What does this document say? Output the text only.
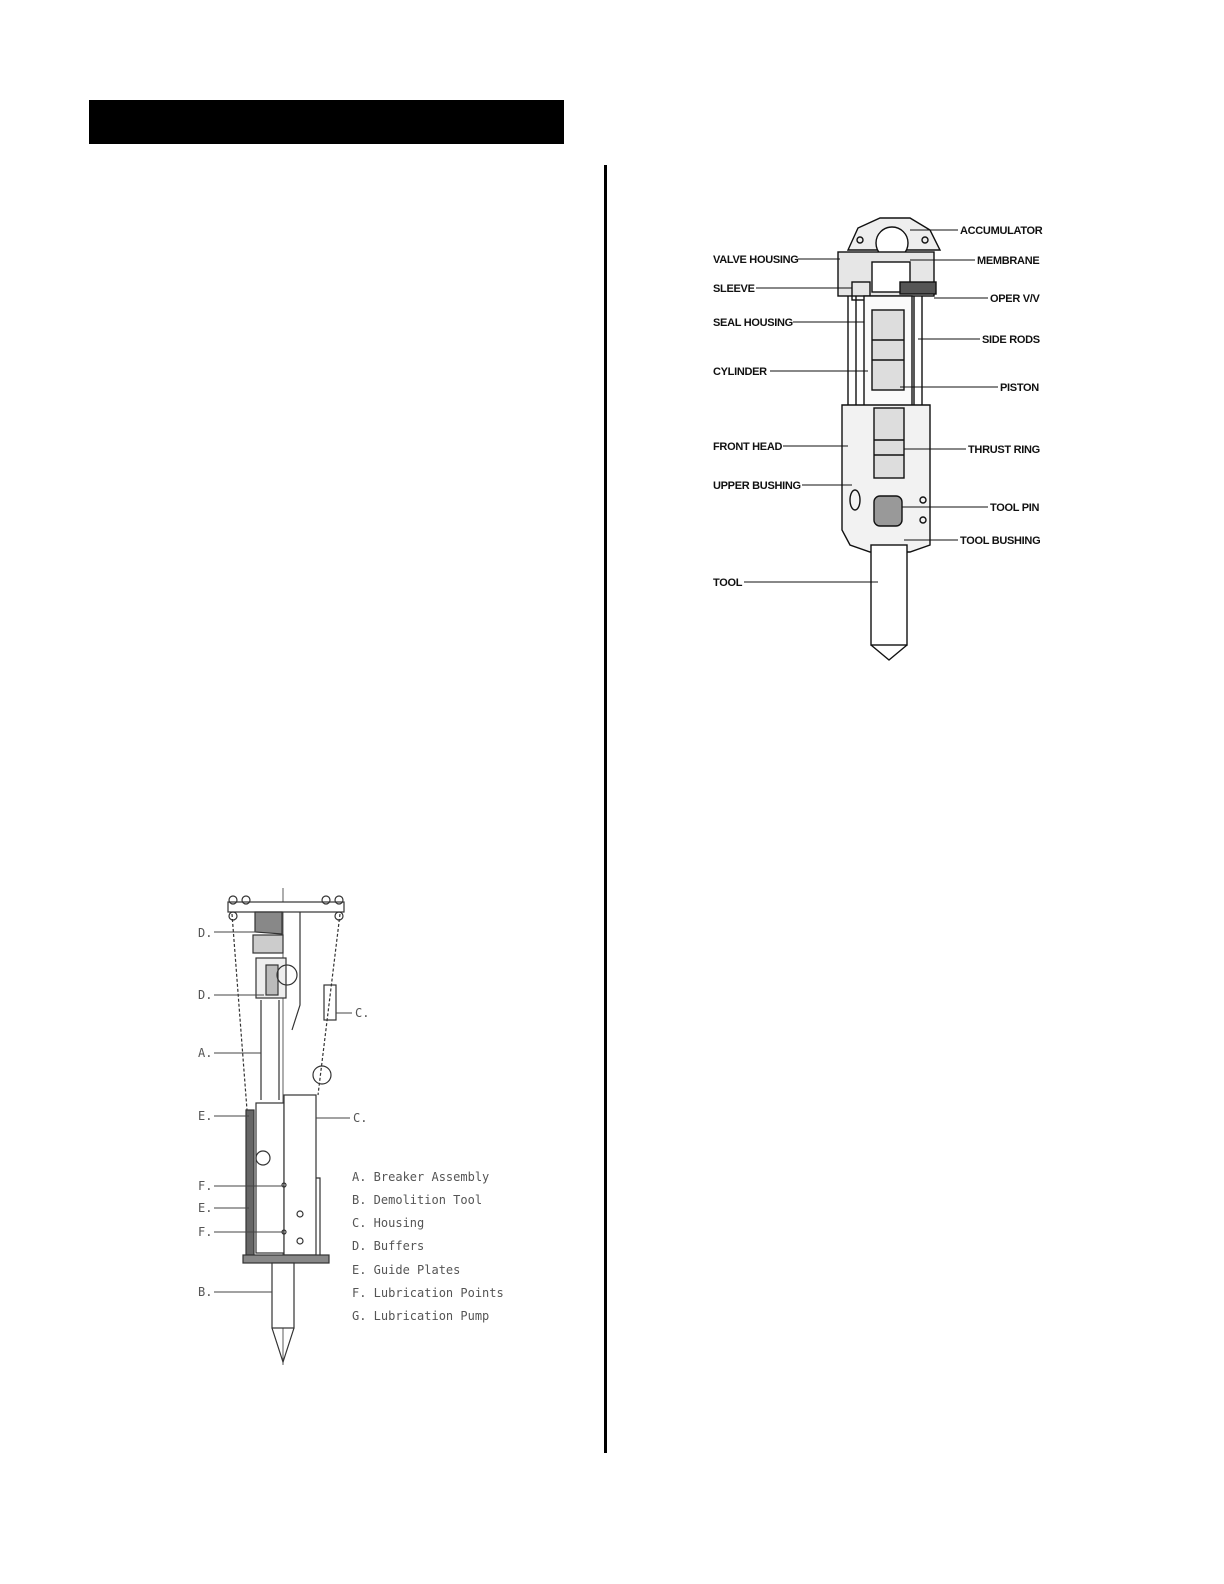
VALVE HOUSING
SLEEVE
SEAL HOUSING
CYLINDER
FRONT HEAD
UPPER BUSHING
TOOL
ACCUMULATOR
MEMBRANE
OPER V/V
SIDE RODS
PISTON
THRUST RING
TOOL PIN
TOOL BUSHING
D.
D.
A.
E.
F.
E.
F.
B.
C.
C.
A. Breaker Assembly
B. Demolition Tool
C. Housing
D. Buffers
E. Guide Plates
F. Lubrication Points
G. Lubrication Pump
